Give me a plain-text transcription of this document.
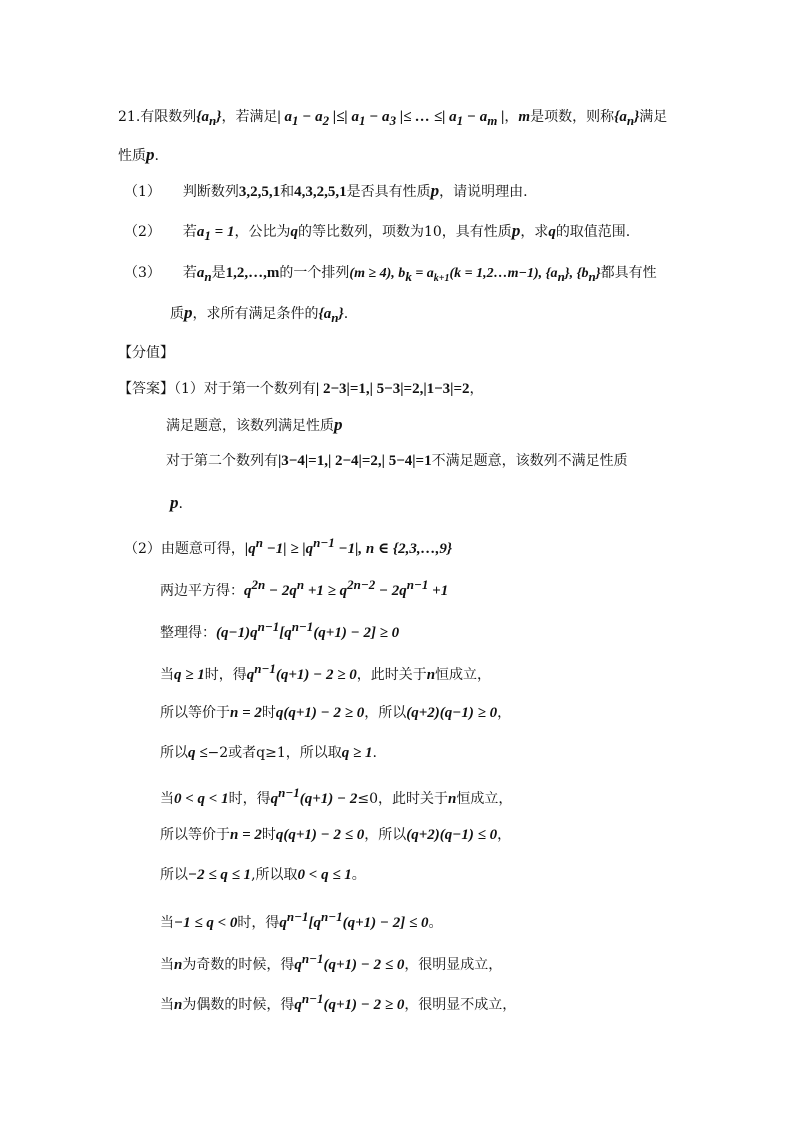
21.有限数列$\{a_n\}$，若满足| $a_1 - a_2$ |≤| $a_1 - a_3$ |≤ … ≤| $a_1 - a_m$ |，m是项数，则称$\{a_n\}$满足
性质p.
（1） 判断数列3,2,5,1和4,3,2,5,1是否具有性质p，请说明理由.
（2） 若$a_1 = 1$，公比为q的等比数列，项数为10，具有性质p，求q的取值范围.
（3） 若$a_n$是1,2,…,m的一个排列(m ≥ 4), $b_k = a_{k+1}(k$ = 1,2…m−1), $\{a_n\}$, $\{b_n\}$都具有性
质p，求所有满足条件的$\{a_n\}$.
【分值】
【答案】（1）对于第一个数列有| 2−3|=1,| 5−3|=2,|1−3|=2，
满足题意，该数列满足性质p
对于第二个数列有|3−4|=1,| 2−4|=2,| 5−4|=1不满足题意，该数列不满足性质
p.
（2）由题意可得，$|q^n -1| \ge |q^{n-1} -1|$, n ∈ {2,3,…,9}
两边平方得：$q^{2n} - 2q^n +1 \ge q^{2n-2} - 2q^{n-1} +1$
整理得：$(q-1)q^{n-1}[q^{n-1}(q+1) - 2] \ge 0$
当q ≥ 1时，得$q^{n-1}(q+1) - 2 \ge 0$，此时关于n恒成立，
所以等价于n = 2时q(q+1) − 2 ≥ 0，所以(q+2)(q−1) ≥ 0，
所以q ≤−2或者q≥1，所以取q ≥ 1.
当0 < q < 1时，得$q^{n-1}(q+1) - 2\le 0$，此时关于n恒成立，
所以等价于n = 2时q(q+1) − 2 ≤ 0，所以(q+2)(q−1) ≤ 0，
所以−2 ≤ q ≤ 1,所以取0 < q ≤ 1。
当−1 ≤ q < 0时，得$q^{n-1}[q^{n-1}(q+1) - 2] \le 0$。
当n为奇数的时候，得$q^{n-1}(q+1) - 2 \le 0$，很明显成立，
当n为偶数的时候，得$q^{n-1}(q+1) - 2 \ge 0$，很明显不成立，
